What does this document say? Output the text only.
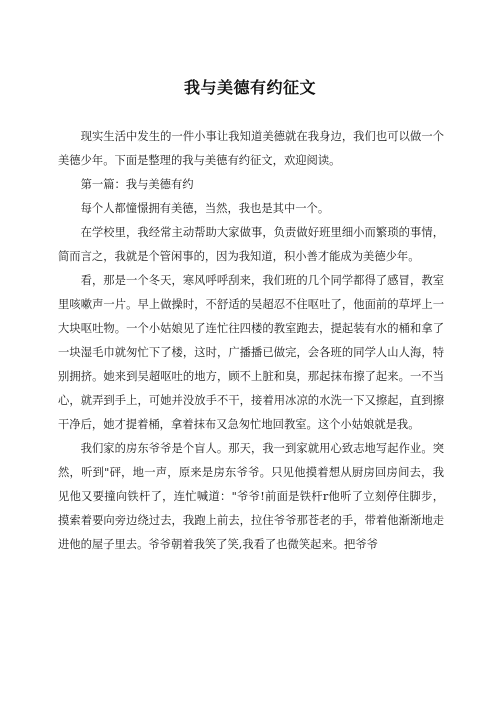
我与美德有约征文

现实生活中发生的一件小事让我知道美德就在我身边，我们也可以做一个美德少年。下面是整理的我与美德有约征文，欢迎阅读。

第一篇：我与美德有约

每个人都憧憬拥有美德，当然，我也是其中一个。

在学校里，我经常主动帮助大家做事，负责做好班里细小而繁琐的事情，简而言之，我就是个管闲事的，因为我知道，积小善才能成为美德少年。

看，那是一个冬天，寒风呼呼刮来，我们班的几个同学都得了感冒，教室里咳嗽声一片。早上做操时，不舒适的吴超忍不住呕吐了，他面前的草坪上一大块呕吐物。一个小姑娘见了连忙往四楼的教室跑去，提起装有水的桶和拿了一块湿毛巾就匆忙下了楼，这时，广播播已做完，会各班的同学人山人海，特别拥挤。她来到吴超呕吐的地方，顾不上脏和臭，那起抹布擦了起来。一不当心，就弄到手上，可她并没放手不干，接着用冰凉的水洗一下又擦起，直到擦干净后，她才提着桶，拿着抹布又急匆忙地回教室。这个小姑娘就是我。

我们家的房东爷爷是个盲人。那天，我一到家就用心致志地写起作业。突然，听到"砰，地一声，原来是房东爷爷。只见他摸着想从厨房回房间去，我见他又要撞向铁杆了，连忙喊道："爷爷!前面是铁杆r他听了立刻停住脚步，摸索着要向旁边绕过去，我跑上前去，拉住爷爷那苍老的手，带着他渐渐地走进他的屋子里去。爷爷朝着我笑了笑,我看了也微笑起来。把爷爷
